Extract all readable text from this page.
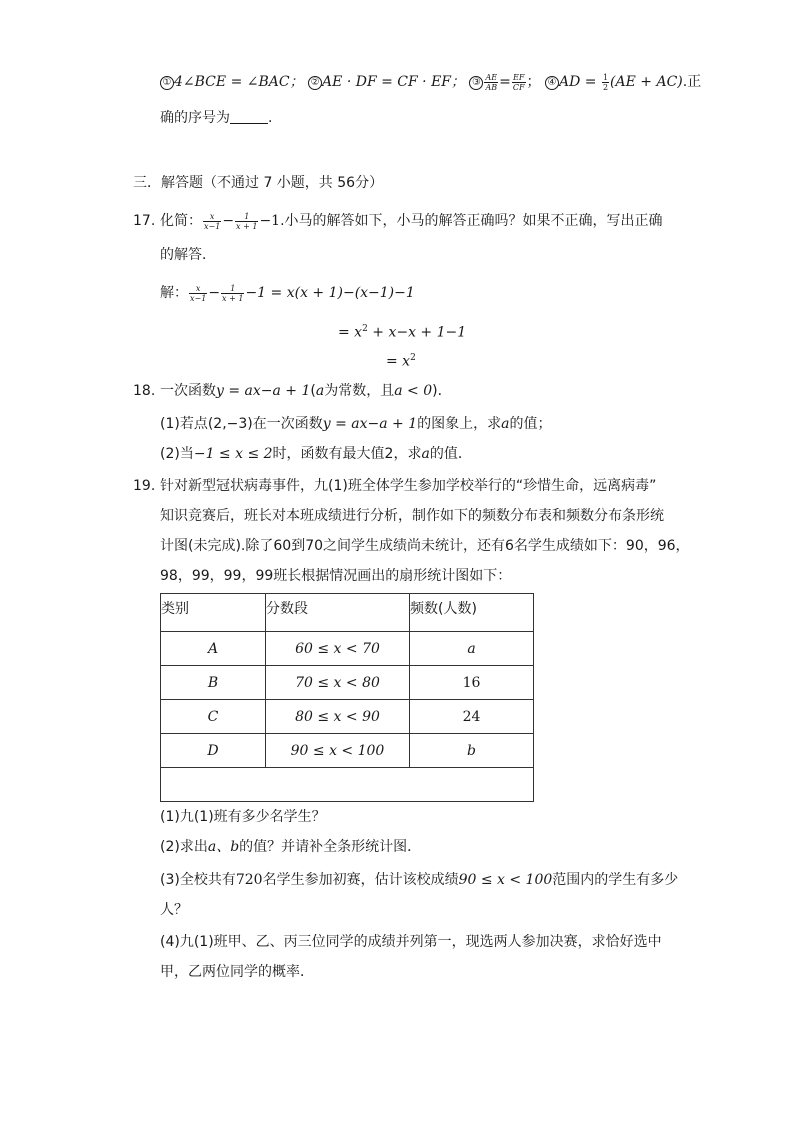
① 4∠BCE = ∠BAC； ② AE · DF = CF · EF； ③ $\frac{AE}{AB} = \frac{EF}{CF}$ ； ④ AD = $\frac{1}{2} (AE + AC)$.正
确的序号为	.
三．解答题（不通过 7 小题，共 56分）
17. 化简： $\frac{x}{x-1} - \frac{1}{x + 1} -1$.小马的解答如下，小马的解答正确吗？如果不正确，写出正确
的解答．
解： $\frac{x}{x-1} - \frac{1}{x + 1} -1 = x(x + 1)-(x-1)-1$
= $x^2 + x-x + 1-1$
= $x^2$
18. 一次函数y = ax−a + 1(a为常数，且a < 0)．
(1)若点(2,−3)在一次函数y = ax−a + 1的图象上，求a的值；
(2)当−1 ≤ x ≤ 2时，函数有最大值2，求a的值．
19. 针对新型冠状病毒事件，九(1)班全体学生参加学校举行的“珍惜生命，远离病毒”
知识竞赛后，班长对本班成绩进行分析，制作如下的频数分布表和频数分布条形统
计图(未完成).除了60到70之间学生成绩尚未统计，还有6名学生成绩如下：90，96，
98，99，99，99班长根据情况画出的扇形统计图如下：
类别	分数段	频数(人数)
A	60 ≤ x < 70	a
B	70 ≤ x < 80	16
C	80 ≤ x < 90	24
D	90 ≤ x < 100	b

(1)九(1)班有多少名学生？
(2)求出a、b的值？并请补全条形统计图．
(3)全校共有720名学生参加初赛，估计该校成绩90 ≤ x < 100范围内的学生有多少
人？
(4)九(1)班甲、乙、丙三位同学的成绩并列第一，现选两人参加决赛，求恰好选中
甲，乙两位同学的概率．
